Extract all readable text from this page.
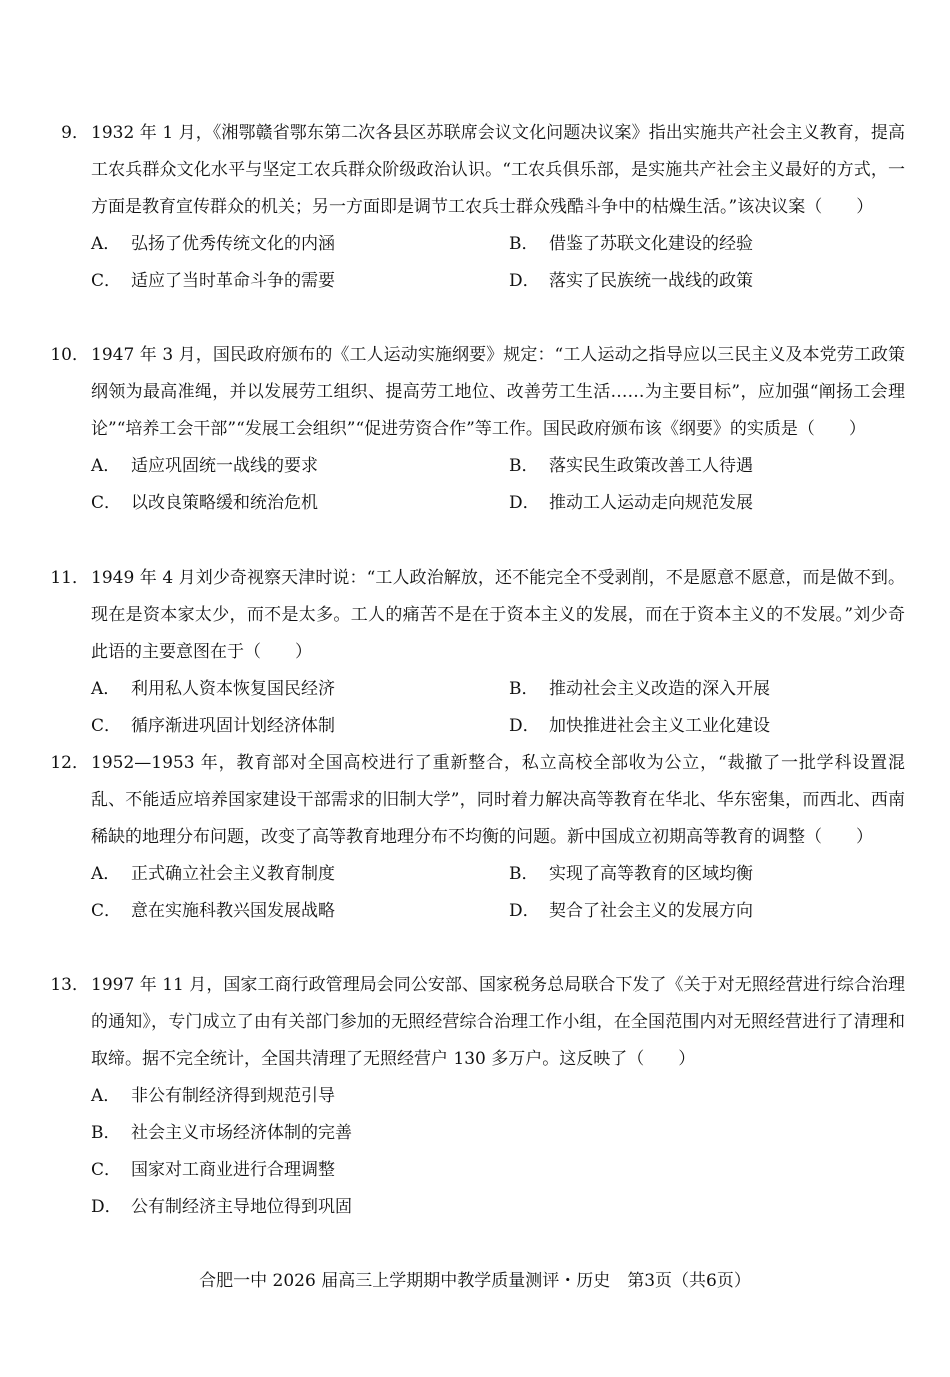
9． 1932 年 1 月，《湘鄂赣省鄂东第二次各县区苏联席会议文化问题决议案》指出实施共产社会主义教育，提高工农兵群众文化水平与坚定工农兵群众阶级政治认识。“工农兵俱乐部，是实施共产社会主义最好的方式，一方面是教育宣传群众的机关；另一方面即是调节工农兵士群众残酷斗争中的枯燥生活。”该决议案（　　）

A． 弘扬了优秀传统文化的内涵	B． 借鉴了苏联文化建设的经验
C． 适应了当时革命斗争的需要	D． 落实了民族统一战线的政策

10． 1947 年 3 月，国民政府颁布的《工人运动实施纲要》规定：“工人运动之指导应以三民主义及本党劳工政策纲领为最高准绳，并以发展劳工组织、提高劳工地位、改善劳工生活……为主要目标”，应加强“阐扬工会理论”“培养工会干部”“发展工会组织”“促进劳资合作”等工作。国民政府颁布该《纲要》的实质是（　　）

A． 适应巩固统一战线的要求	B． 落实民生政策改善工人待遇
C． 以改良策略缓和统治危机	D． 推动工人运动走向规范发展

11． 1949 年 4 月刘少奇视察天津时说：“工人政治解放，还不能完全不受剥削，不是愿意不愿意，而是做不到。现在是资本家太少，而不是太多。工人的痛苦不是在于资本主义的发展，而在于资本主义的不发展。”刘少奇此语的主要意图在于（　　）

A． 利用私人资本恢复国民经济	B． 推动社会主义改造的深入开展
C． 循序渐进巩固计划经济体制	D． 加快推进社会主义工业化建设

12． 1952—1953 年，教育部对全国高校进行了重新整合，私立高校全部收为公立，“裁撤了一批学科设置混乱、不能适应培养国家建设干部需求的旧制大学”，同时着力解决高等教育在华北、华东密集，而西北、西南稀缺的地理分布问题，改变了高等教育地理分布不均衡的问题。新中国成立初期高等教育的调整（　　）

A． 正式确立社会主义教育制度	B． 实现了高等教育的区域均衡
C． 意在实施科教兴国发展战略	D． 契合了社会主义的发展方向

13． 1997 年 11 月，国家工商行政管理局会同公安部、国家税务总局联合下发了《关于对无照经营进行综合治理的通知》，专门成立了由有关部门参加的无照经营综合治理工作小组，在全国范围内对无照经营进行了清理和取缔。据不完全统计，全国共清理了无照经营户 130 多万户。这反映了（　　）

A． 非公有制经济得到规范引导
B． 社会主义市场经济体制的完善
C． 国家对工商业进行合理调整
D． 公有制经济主导地位得到巩固
合肥一中 2026 届高三上学期期中教学质量测评・历史　第3页（共6页）
